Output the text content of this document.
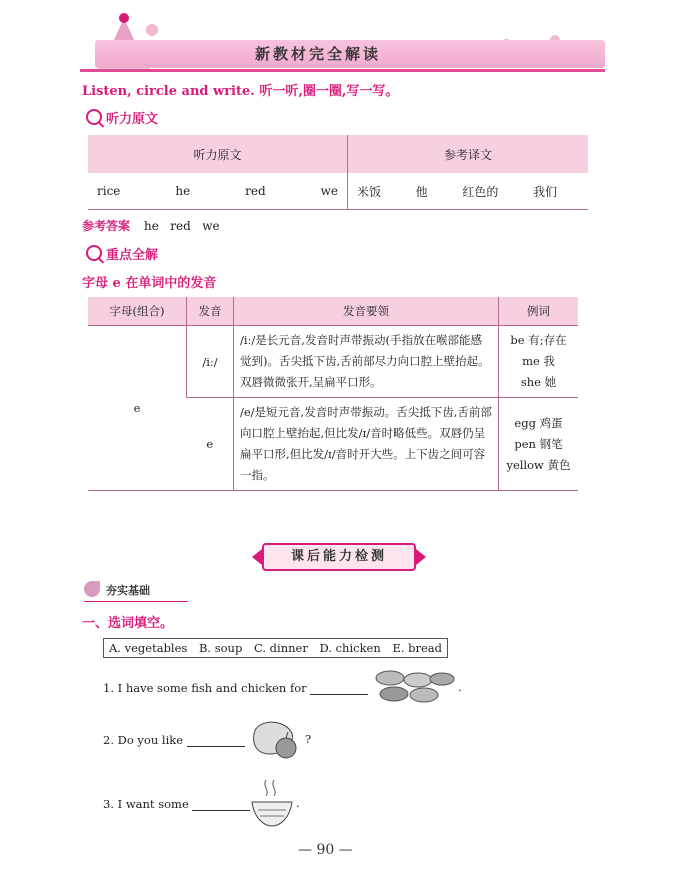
新教材完全解读
Listen, circle and write. 听一听,圈一圈,写一写。
听力原文
听力原文	参考译文

rice he red we	米饭 他 红色的 我们
参考答案 he   red   we
重点全解
字母 e 在单词中的发音
字母(组合)	发音	发音要领	例词
e	/iː/	/iː/是长元音,发音时声带振动(手指放在喉部能感觉到)。舌尖抵下齿,舌前部尽力向口腔上壁抬起。双唇微微张开,呈扁平口形。	be 有;存在
me 我
she 她

	e	/e/是短元音,发音时声带振动。舌尖抵下齿,舌前部向口腔上壁抬起,但比发/ɪ/音时略低些。双唇仍呈扁平口形,但比发/ɪ/音时开大些。上下齿之间可容一指。	egg 鸡蛋
pen 钢笔
yellow 黄色
课后能力检测
夯实基础
一、选词填空。
A. vegetables B. soup C. dinner D. chicken E. bread
1. I have some fish and chicken for	.
2. Do you like	?
3. I want some	.
— 90 —
